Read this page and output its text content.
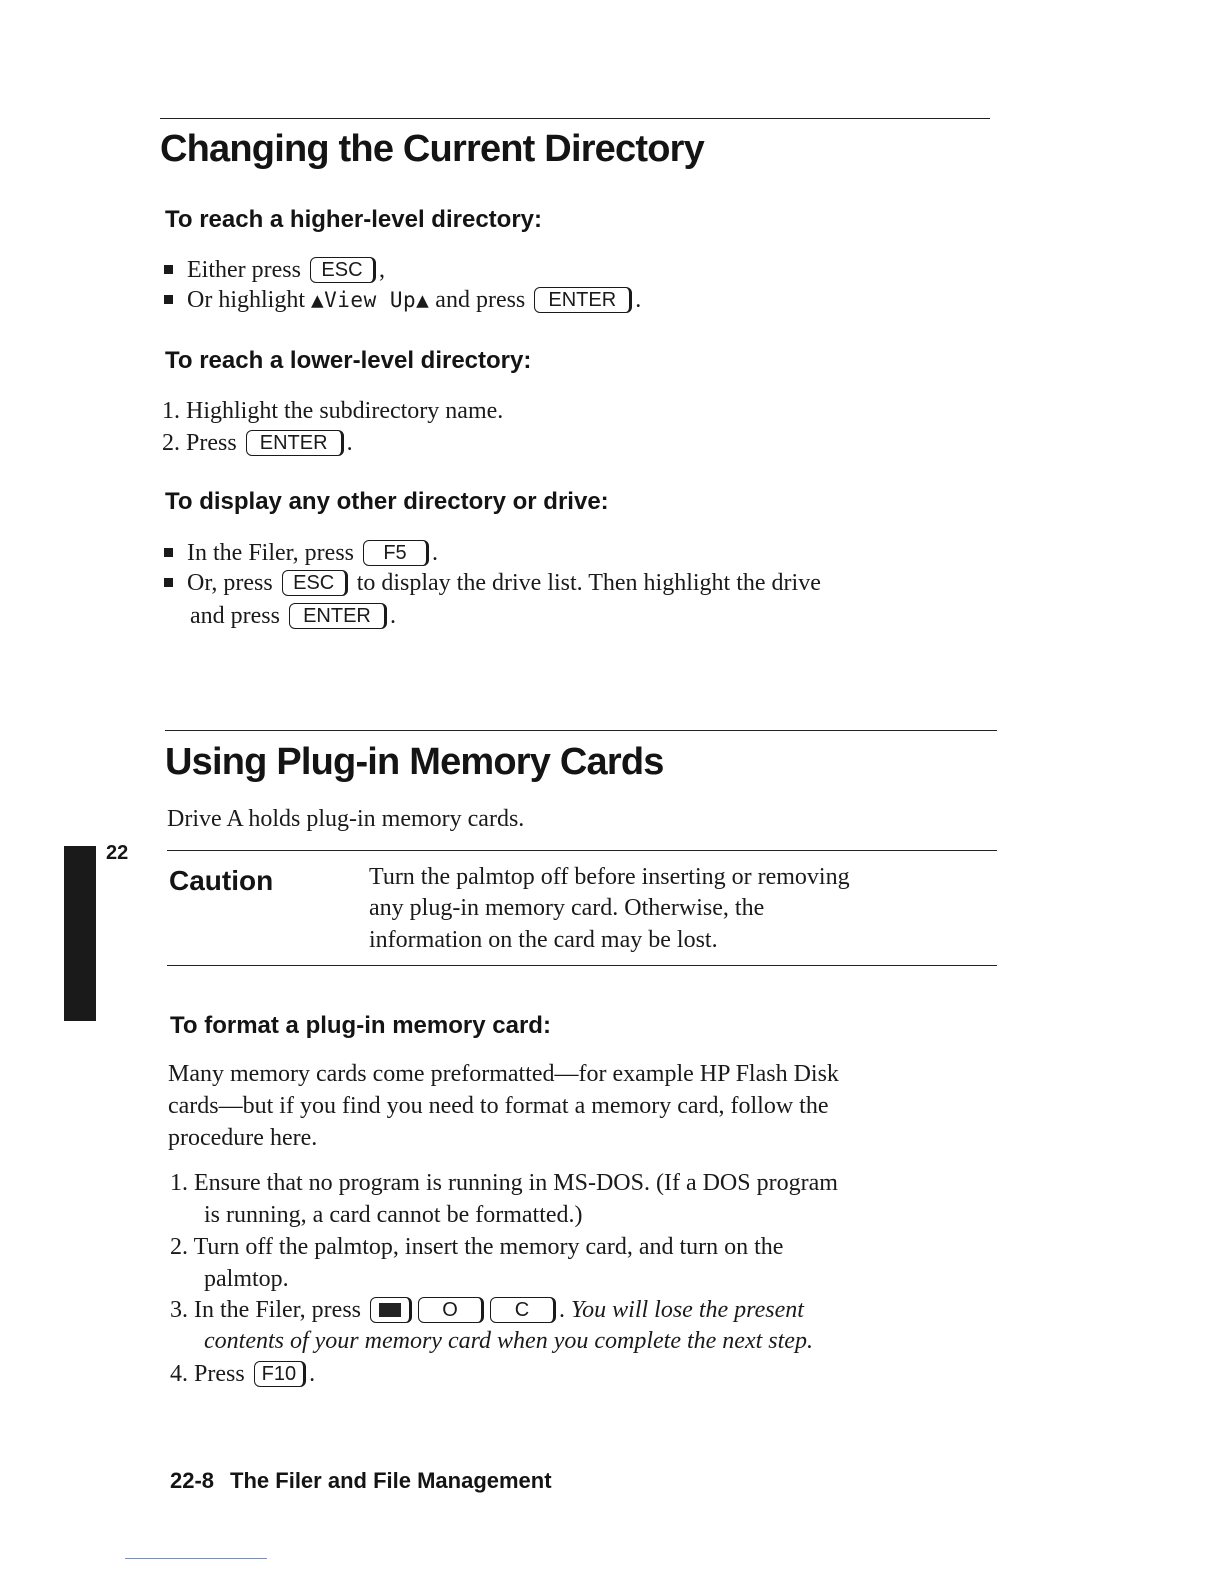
Changing the Current Directory
To reach a higher-level directory:

Either press ESC ,

Or highlight ▲View Up▲ and press ENTER .

To reach a lower-level directory:

1. Highlight the subdirectory name.

2. Press ENTER .

To display any other directory or drive:

In the Filer, press F5 .

Or, press ESC to display the drive list. Then highlight the drive

and press ENTER .

Using Plug-in Memory Cards

Drive A holds plug-in memory cards.

22
Caution	Turn the palmtop off before inserting or removing

any plug-in memory card. Otherwise, the

information on the card may be lost.

To format a plug-in memory card:

Many memory cards come preformatted—for example HP Flash Disk

cards—but if you find you need to format a memory card, follow the

procedure here.

1. Ensure that no program is running in MS-DOS. (If a DOS program

is running, a card cannot be formatted.)

2. Turn off the palmtop, insert the memory card, and turn on the

palmtop.

3. In the Filer, press	O	C . You will lose the present

contents of your memory card when you complete the next step.

4. Press F10 .

22-8 The Filer and File Management
